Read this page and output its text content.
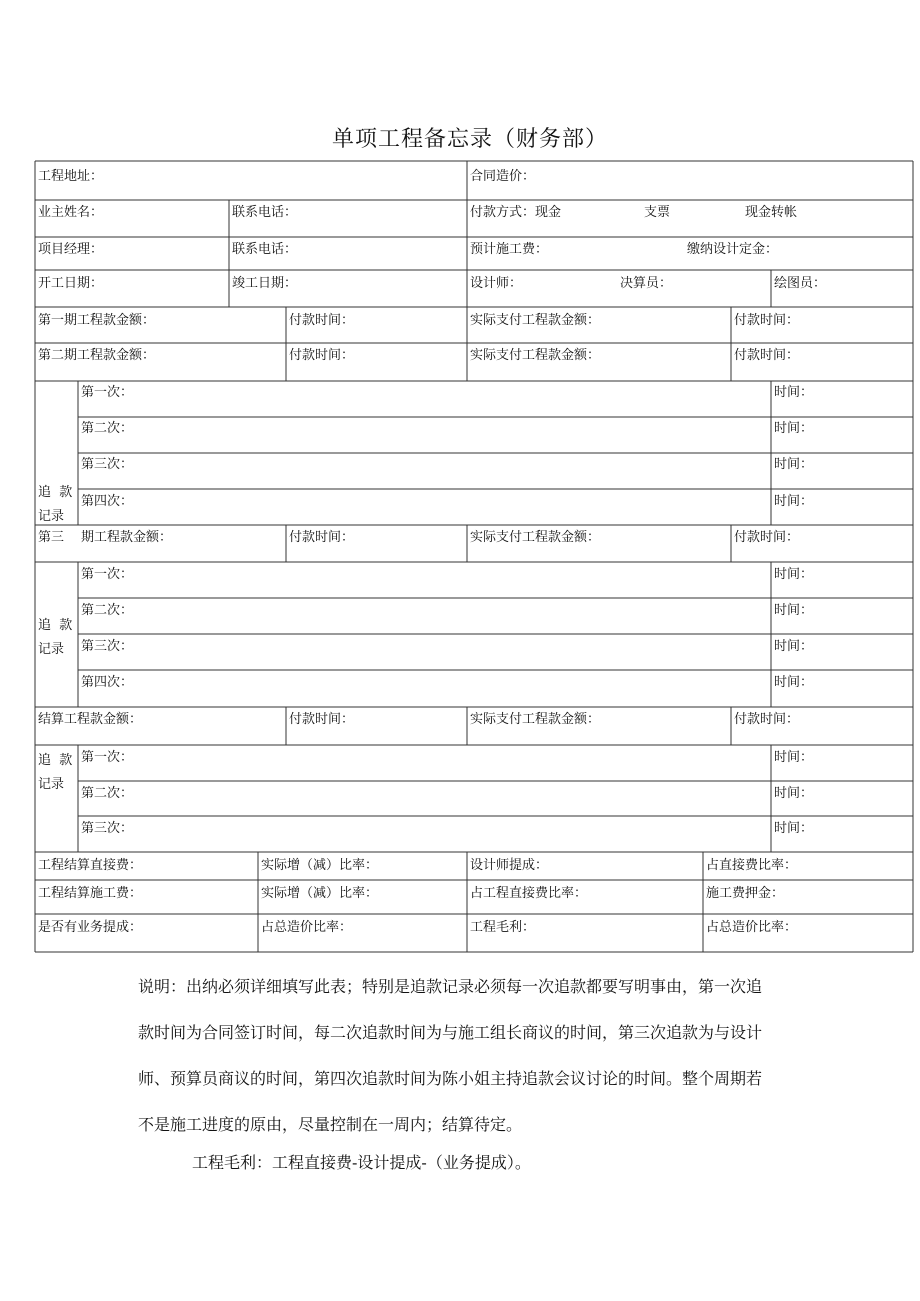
单项工程备忘录（财务部）
工程地址：	合同造价：
业主姓名：	联系电话：	付款方式：现金	支票	现金转帐
项目经理：	联系电话：	预计施工费：	缴纳设计定金：
开工日期：	竣工日期：	设计师：	决算员：	绘图员：
第一期工程款金额：	付款时间：	实际支付工程款金额：	付款时间：
第二期工程款金额：	付款时间：	实际支付工程款金额：	付款时间：
追  款
记录
第一次：	时间：
第二次：	时间：
第三次：	时间：
第四次：	时间：
第三 期工程款金额：	付款时间：	实际支付工程款金额：	付款时间：
追  款
记录
第一次：	时间：
第二次：	时间：
第三次：	时间：
第四次：	时间：
结算工程款金额：	付款时间：	实际支付工程款金额：	付款时间：
追  款
记录
第一次：	时间：
第二次：	时间：
第三次：	时间：
工程结算直接费：	实际增（减）比率：	设计师提成：	占直接费比率：
工程结算施工费：	实际增（减）比率：	占工程直接费比率：	施工费押金：
是否有业务提成：	占总造价比率：	工程毛利：	占总造价比率：
说明：出纳必须详细填写此表；特别是追款记录必须每一次追款都要写明事由，第一次追
款时间为合同签订时间，每二次追款时间为与施工组长商议的时间，第三次追款为与设计
师、预算员商议的时间，第四次追款时间为陈小姐主持追款会议讨论的时间。整个周期若
不是施工进度的原由，尽量控制在一周内；结算待定。
工程毛利：工程直接费-设计提成-（业务提成）。
